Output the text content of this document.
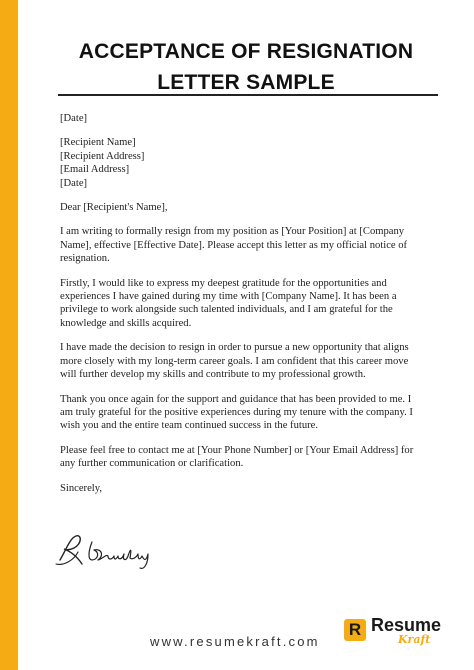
ACCEPTANCE OF RESIGNATION
LETTER SAMPLE

[Date]

[Recipient Name]
[Recipient Address]
[Email Address]
[Date]

Dear [Recipient's Name],

I am writing to formally resign from my position as [Your Position] at [Company
Name], effective [Effective Date]. Please accept this letter as my official notice of
resignation.

Firstly, I would like to express my deepest gratitude for the opportunities and
experiences I have gained during my time with [Company Name]. It has been a
privilege to work alongside such talented individuals, and I am grateful for the
knowledge and skills acquired.

I have made the decision to resign in order to pursue a new opportunity that aligns
more closely with my long-term career goals. I am confident that this career move
will further develop my skills and contribute to my professional growth.

Thank you once again for the support and guidance that has been provided to me. I
am truly grateful for the positive experiences during my tenure with the company. I
wish you and the entire team continued success in the future.

Please feel free to contact me at [Your Phone Number] or [Your Email Address] for
any further communication or clarification.

Sincerely,

www.resumekraft.com
R Resume
Kraft
